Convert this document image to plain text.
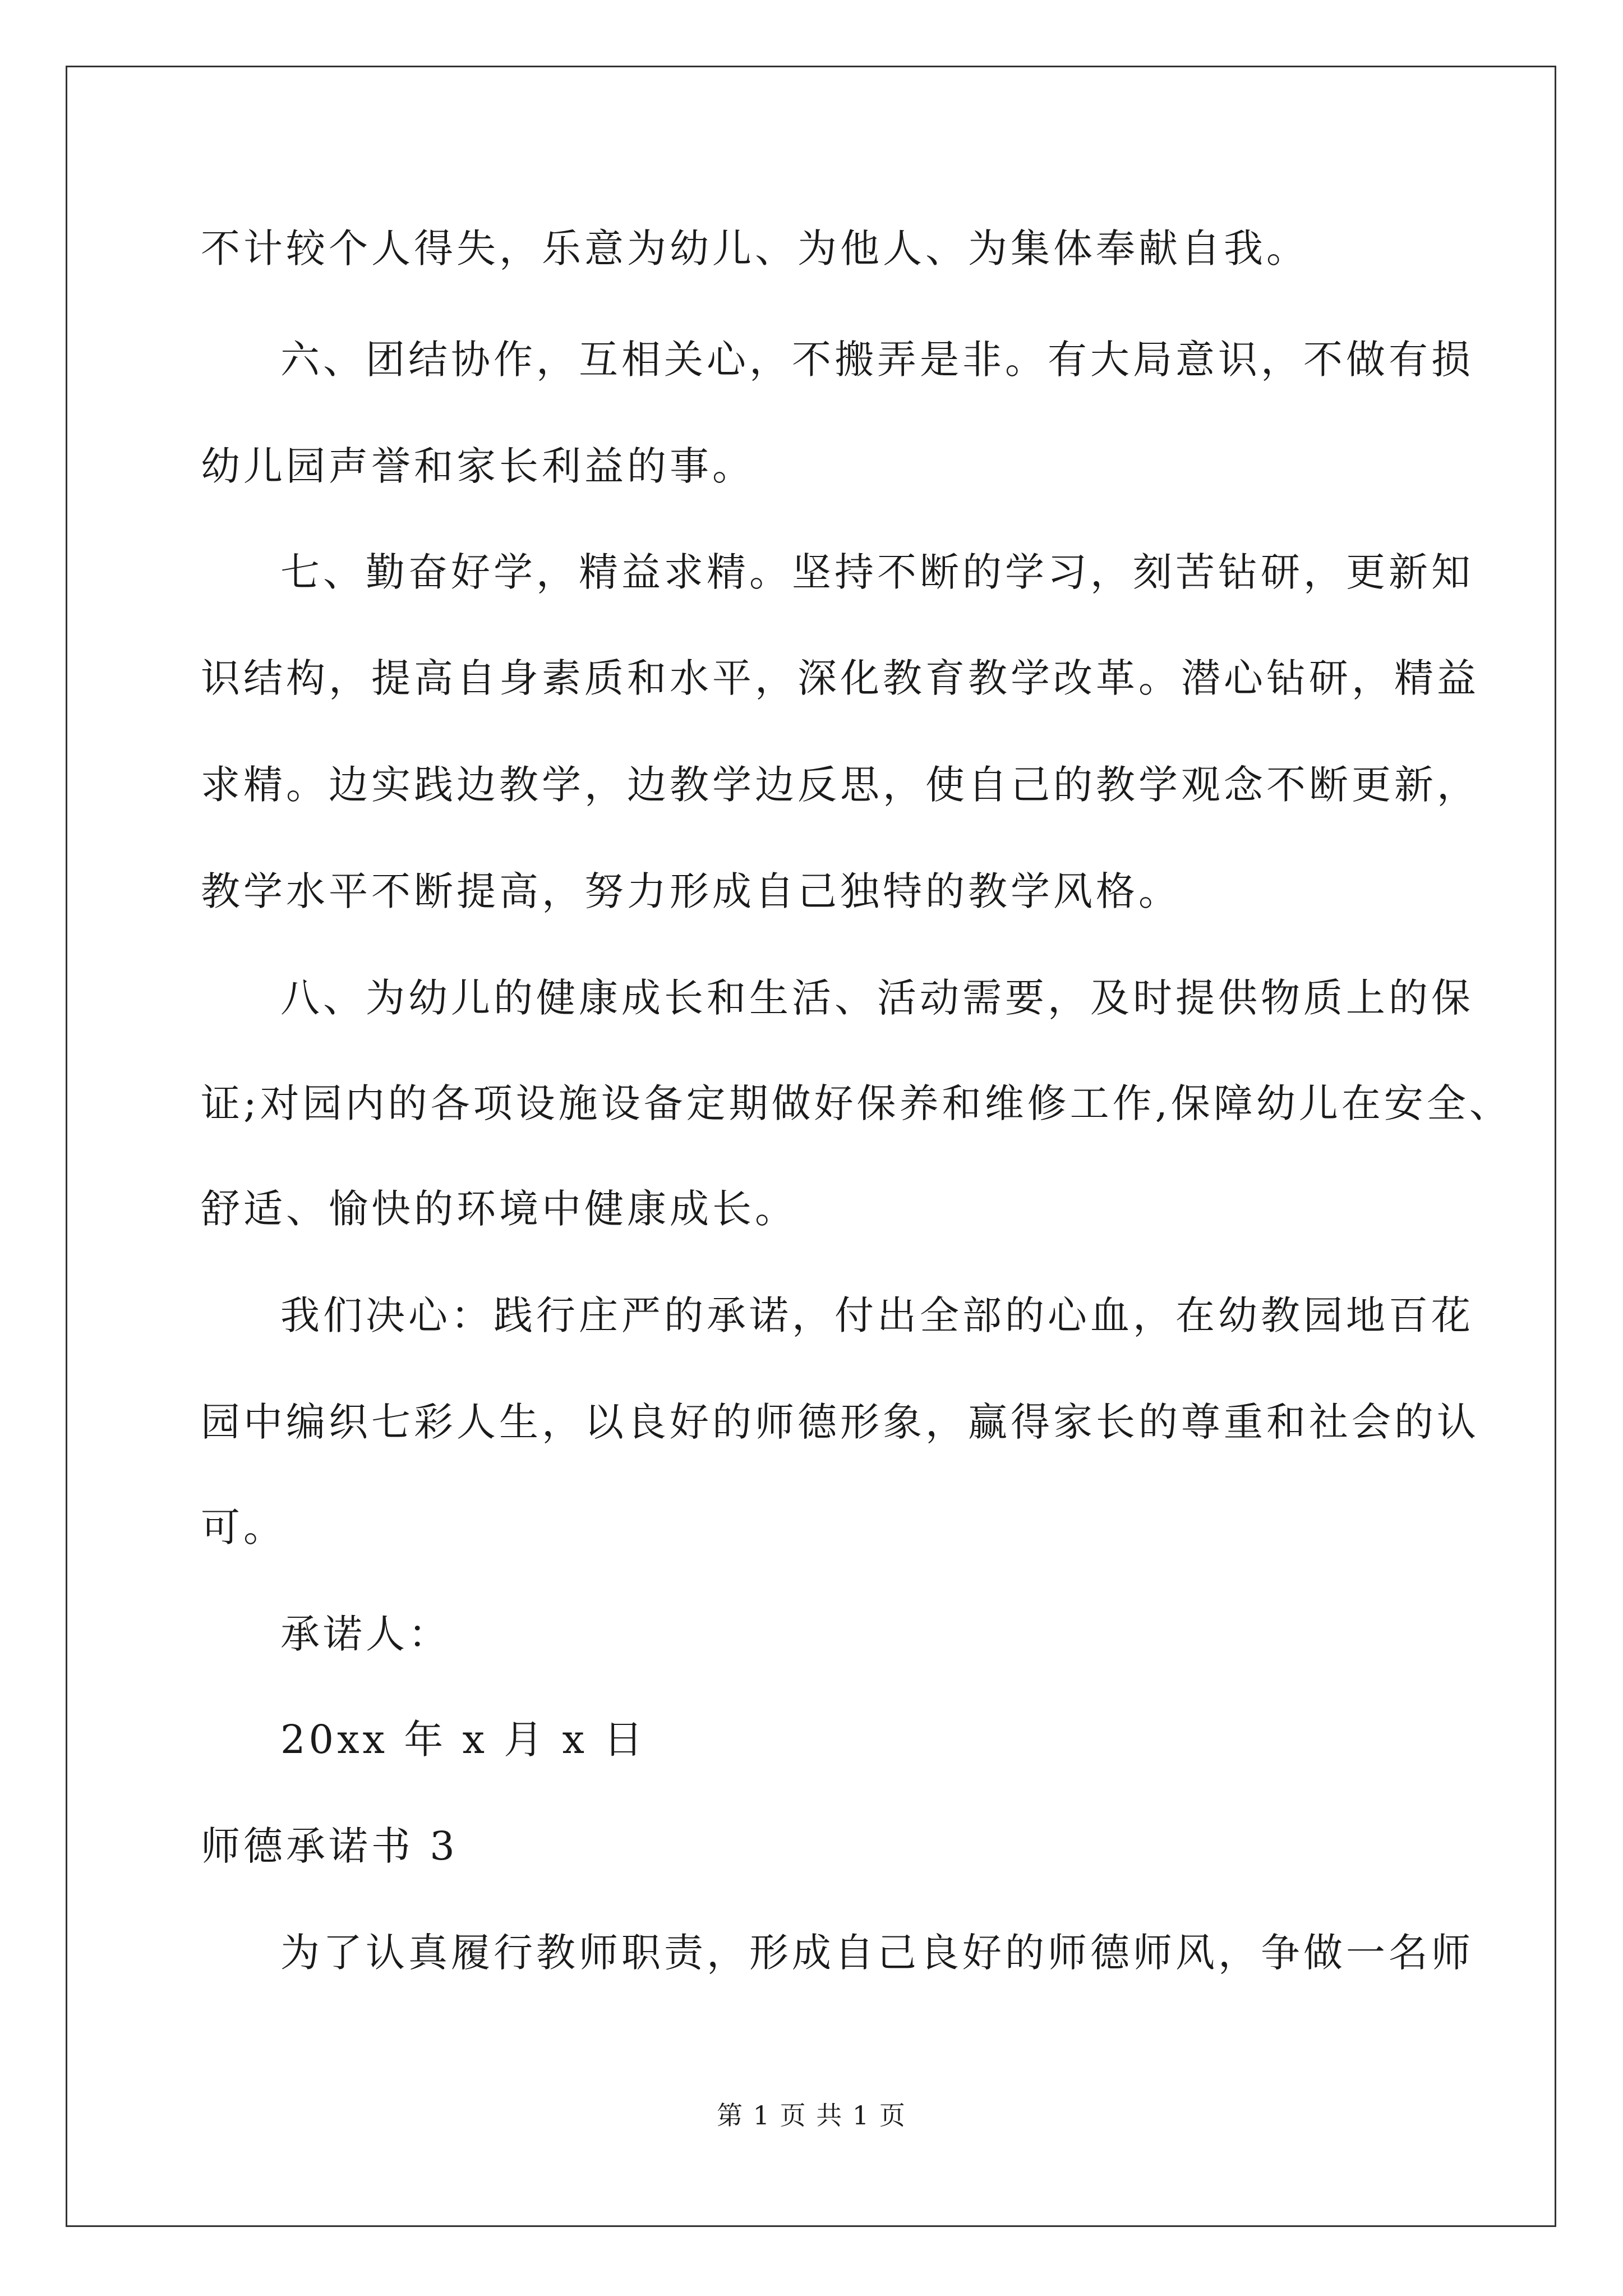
不计较个人得失，乐意为幼儿、为他人、为集体奉献自我。
六、团结协作，互相关心，不搬弄是非。有大局意识，不做有损
幼儿园声誉和家长利益的事。
七、勤奋好学，精益求精。坚持不断的学习，刻苦钻研，更新知
识结构，提高自身素质和水平，深化教育教学改革。潜心钻研，精益
求精。边实践边教学，边教学边反思，使自己的教学观念不断更新，
教学水平不断提高，努力形成自己独特的教学风格。
八、为幼儿的健康成长和生活、活动需要，及时提供物质上的保
证;对园内的各项设施设备定期做好保养和维修工作,保障幼儿在安全、
舒适、愉快的环境中健康成长。
我们决心：践行庄严的承诺，付出全部的心血，在幼教园地百花
园中编织七彩人生，以良好的师德形象，赢得家长的尊重和社会的认
可。
承诺人：
20xx 年 x 月 x 日
师德承诺书 3
为了认真履行教师职责，形成自己良好的师德师风，争做一名师
第 1 页 共 1 页
